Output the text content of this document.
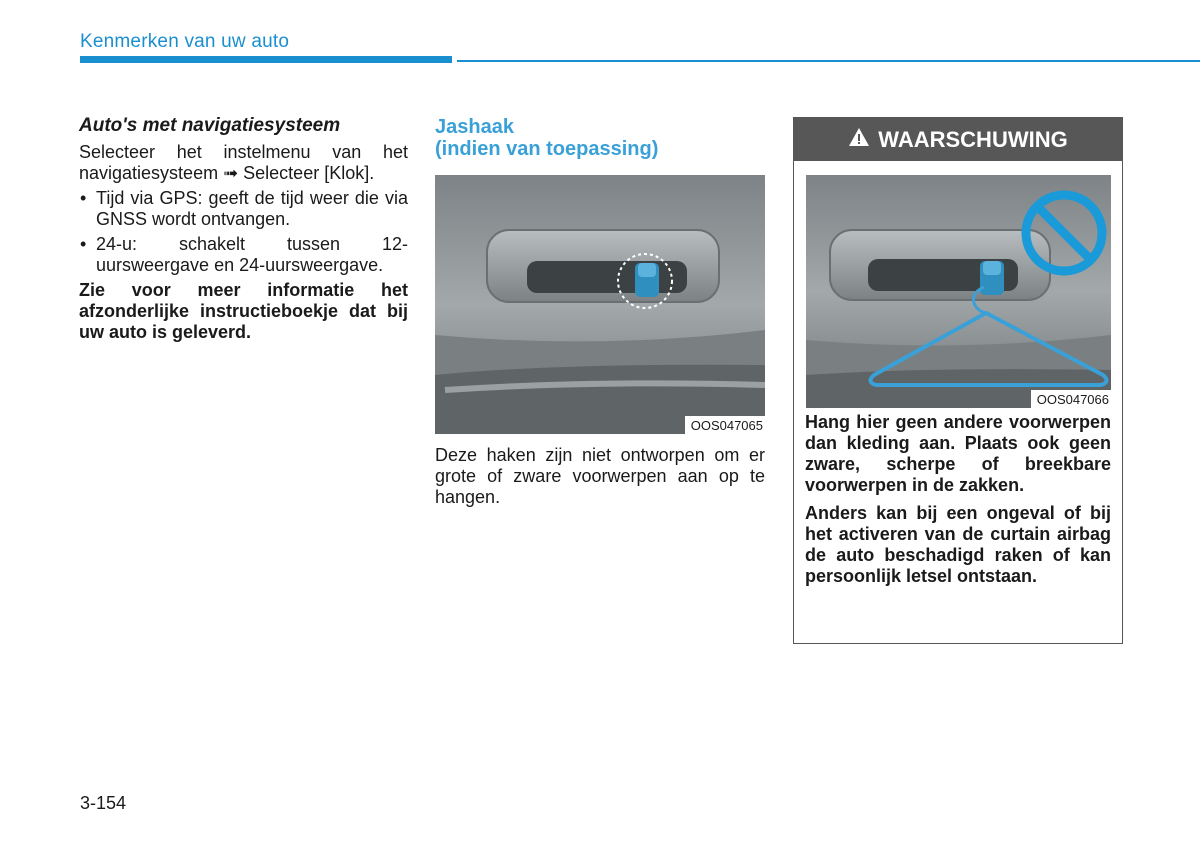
Kenmerken van uw auto
Auto's met navigatiesysteem
Selecteer het instelmenu van het navigatiesysteem ➟ Selecteer [Klok].
• Tijd via GPS: geeft de tijd weer die via GNSS wordt ontvangen.
• 24-u: schakelt tussen 12-uursweergave en 24-uursweergave.
Zie voor meer informatie het afzonderlijke instructieboekje dat bij uw auto is geleverd.
Jashaak
(indien van toepassing)
OOS047065
Deze haken zijn niet ontworpen om er grote of zware voorwerpen aan op te hangen.
WAARSCHUWING

Hang hier geen andere voorwerpen dan kleding aan. Plaats ook geen zware, scherpe of breekbare voorwerpen in de zakken.

Anders kan bij een ongeval of bij het activeren van de curtain airbag de auto beschadigd raken of kan persoonlijk letsel ontstaan.

OOS047066
3-154
